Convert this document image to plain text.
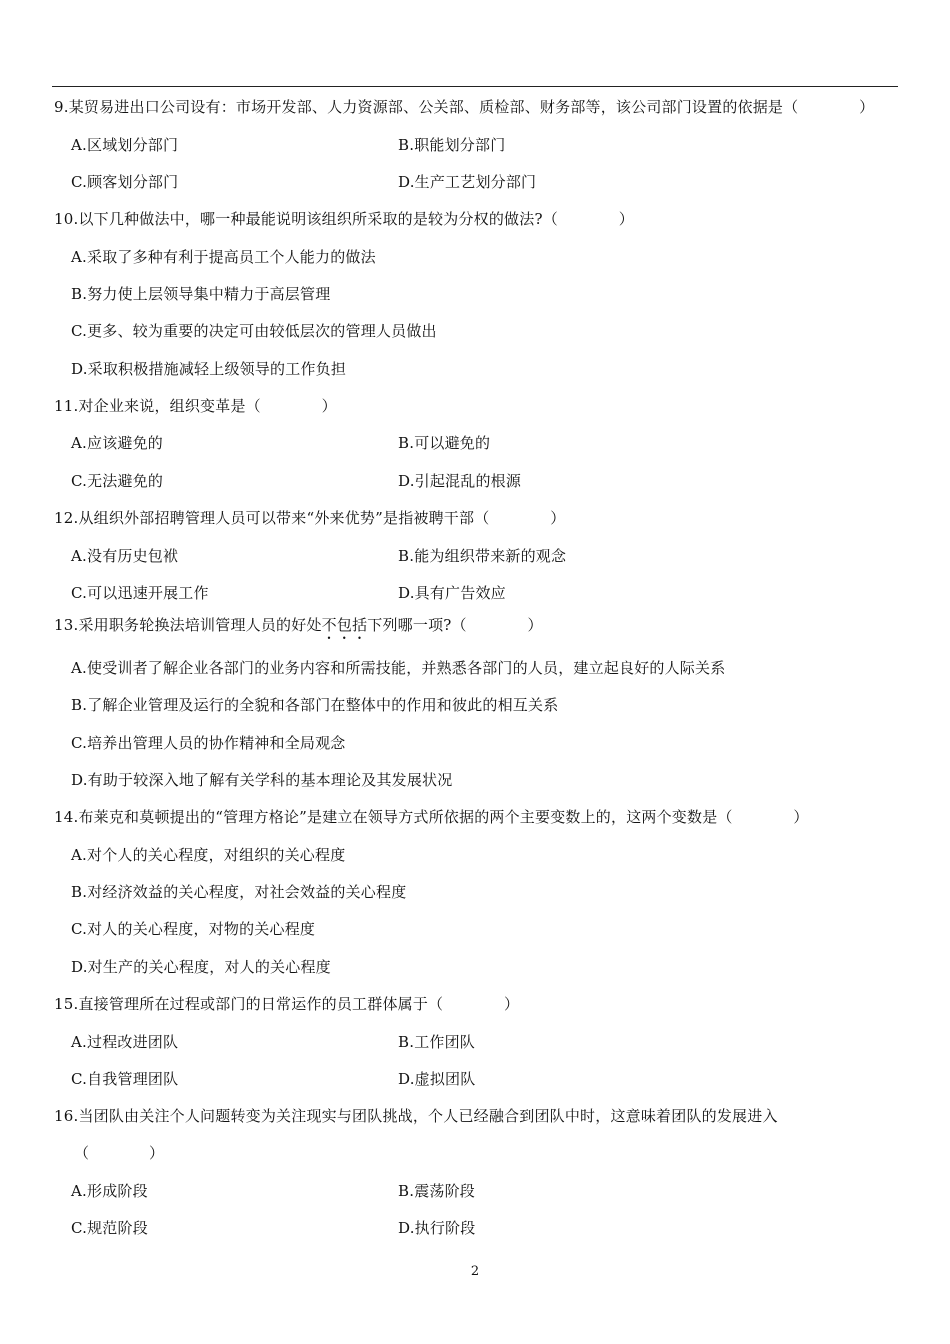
9.某贸易进出口公司设有：市场开发部、人力资源部、公关部、质检部、财务部等，该公司部门设置的依据是（　　　　）
A.区域划分部门	B.职能划分部门
C.顾客划分部门	D.生产工艺划分部门
10.以下几种做法中，哪一种最能说明该组织所采取的是较为分权的做法?（　　　　）
A.采取了多种有利于提高员工个人能力的做法
B.努力使上层领导集中精力于高层管理
C.更多、较为重要的决定可由较低层次的管理人员做出
D.采取积极措施减轻上级领导的工作负担
11.对企业来说，组织变革是（　　　　）
A.应该避免的	B.可以避免的
C.无法避免的	D.引起混乱的根源
12.从组织外部招聘管理人员可以带来“外来优势”是指被聘干部（　　　　）
A.没有历史包袱	B.能为组织带来新的观念
C.可以迅速开展工作	D.具有广告效应
13.采用职务轮换法培训管理人员的好处不包括下列哪一项?（　　　　）
A.使受训者了解企业各部门的业务内容和所需技能，并熟悉各部门的人员，建立起良好的人际关系
B.了解企业管理及运行的全貌和各部门在整体中的作用和彼此的相互关系
C.培养出管理人员的协作精神和全局观念
D.有助于较深入地了解有关学科的基本理论及其发展状况
14.布莱克和莫顿提出的“管理方格论”是建立在领导方式所依据的两个主要变数上的，这两个变数是（　　　　）
A.对个人的关心程度，对组织的关心程度
B.对经济效益的关心程度，对社会效益的关心程度
C.对人的关心程度，对物的关心程度
D.对生产的关心程度，对人的关心程度
15.直接管理所在过程或部门的日常运作的员工群体属于（　　　　）
A.过程改进团队	B.工作团队
C.自我管理团队	D.虚拟团队
16.当团队由关注个人问题转变为关注现实与团队挑战，个人已经融合到团队中时，这意味着团队的发展进入
（　　　　）
A.形成阶段	B.震荡阶段
C.规范阶段	D.执行阶段
2
